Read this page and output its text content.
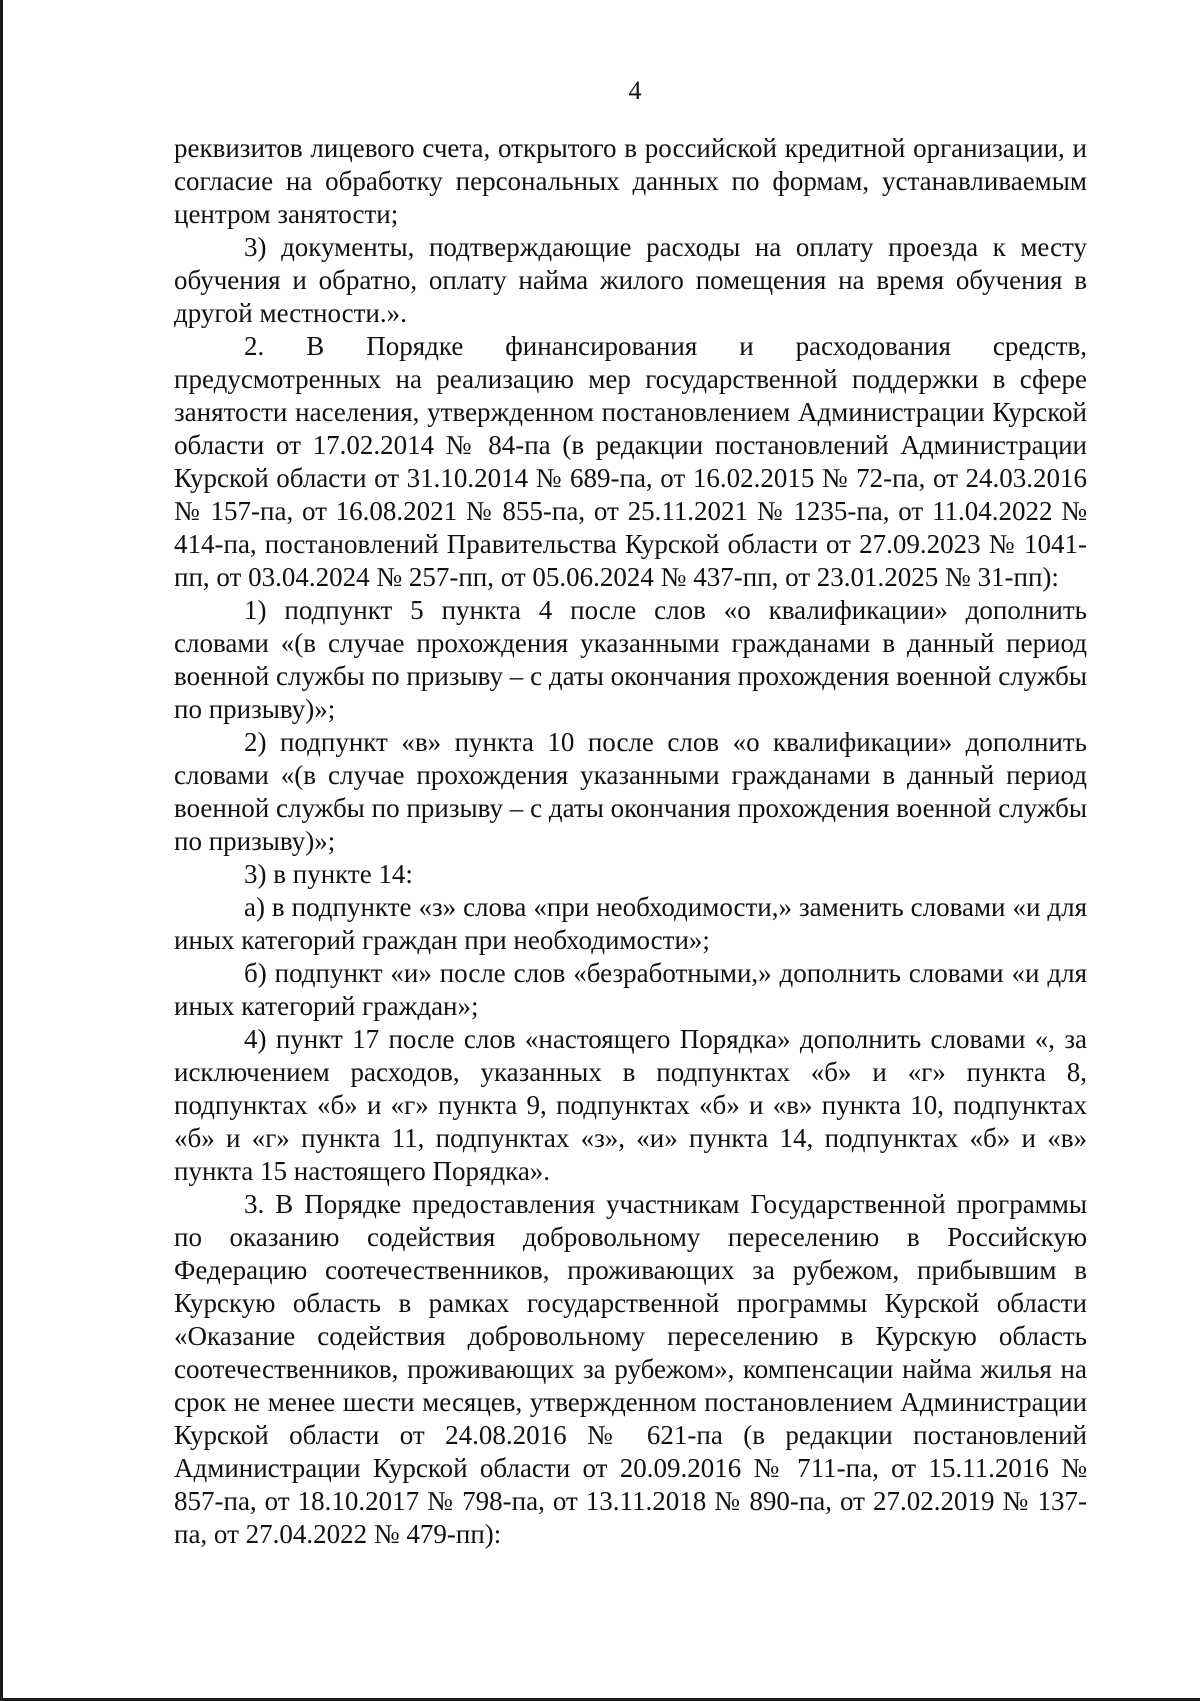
4

реквизитов лицевого счета, открытого в российской кредитной организации, и согласие на обработку персональных данных по формам, устанавливаемым центром занятости;

3) документы, подтверждающие расходы на оплату проезда к месту обучения и обратно, оплату найма жилого помещения на время обучения в другой местности.».

2. В Порядке финансирования и расходования средств, предусмотренных на реализацию мер государственной поддержки в сфере занятости населения, утвержденном постановлением Администрации Курской области от 17.02.2014 № 84-па (в редакции постановлений Администрации Курской области от 31.10.2014 № 689-па, от 16.02.2015 № 72-па, от 24.03.2016 № 157-па, от 16.08.2021 № 855-па, от 25.11.2021 № 1235-па, от 11.04.2022 № 414-па, постановлений Правительства Курской области от 27.09.2023 № 1041-пп, от 03.04.2024 № 257-пп, от 05.06.2024 № 437-пп, от 23.01.2025 № 31-пп):

1) подпункт 5 пункта 4 после слов «о квалификации» дополнить словами «(в случае прохождения указанными гражданами в данный период военной службы по призыву – с даты окончания прохождения военной службы по призыву)»;

2) подпункт «в» пункта 10 после слов «о квалификации» дополнить словами «(в случае прохождения указанными гражданами в данный период военной службы по призыву – с даты окончания прохождения военной службы по призыву)»;

3) в пункте 14:

а) в подпункте «з» слова «при необходимости,» заменить словами «и для иных категорий граждан при необходимости»;

б) подпункт «и» после слов «безработными,» дополнить словами «и для иных категорий граждан»;

4) пункт 17 после слов «настоящего Порядка» дополнить словами «, за исключением расходов, указанных в подпунктах «б» и «г» пункта 8, подпунктах «б» и «г» пункта 9, подпунктах «б» и «в» пункта 10, подпунктах «б» и «г» пункта 11, подпунктах «з», «и» пункта 14, подпунктах «б» и «в» пункта 15 настоящего Порядка».

3. В Порядке предоставления участникам Государственной программы по оказанию содействия добровольному переселению в Российскую Федерацию соотечественников, проживающих за рубежом, прибывшим в Курскую область в рамках государственной программы Курской области «Оказание содействия добровольному переселению в Курскую область соотечественников, проживающих за рубежом», компенсации найма жилья на срок не менее шести месяцев, утвержденном постановлением Администрации Курской области от 24.08.2016 № 621-па (в редакции постановлений Администрации Курской области от 20.09.2016 № 711-па, от 15.11.2016 № 857-па, от 18.10.2017 № 798-па, от 13.11.2018 № 890-па, от 27.02.2019 № 137-па, от 27.04.2022 № 479-пп):
